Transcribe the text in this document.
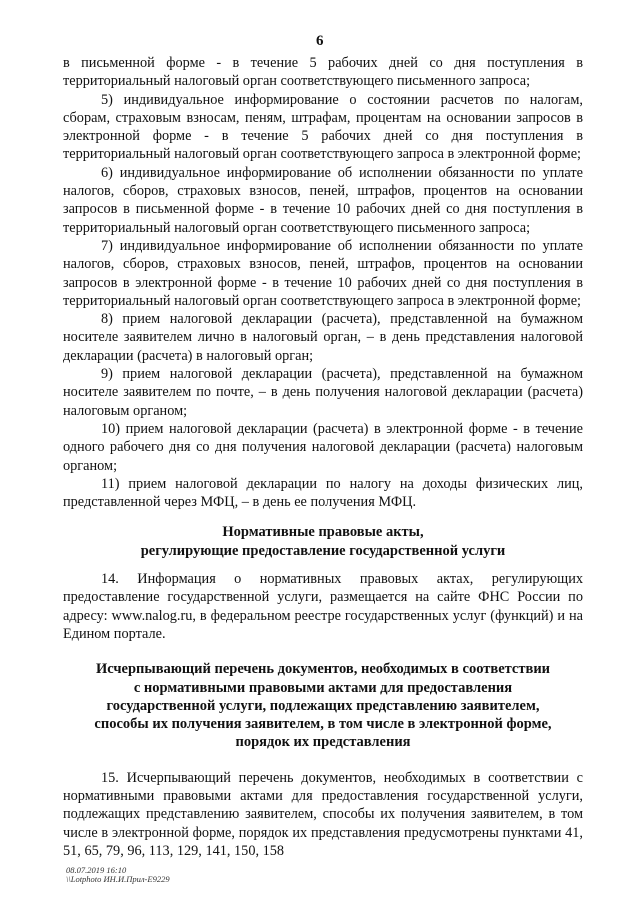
6

в письменной форме - в течение 5 рабочих дней со дня поступления в территориальный налоговый орган соответствующего письменного запроса;

5) индивидуальное информирование о состоянии расчетов по налогам, сборам, страховым взносам, пеням, штрафам, процентам на основании запросов в электронной форме - в течение 5 рабочих дней со дня поступления в территориальный налоговый орган соответствующего запроса в электронной форме;

6) индивидуальное информирование об исполнении обязанности по уплате налогов, сборов, страховых взносов, пеней, штрафов, процентов на основании запросов в письменной форме - в течение 10 рабочих дней со дня поступления в территориальный налоговый орган соответствующего письменного запроса;

7) индивидуальное информирование об исполнении обязанности по уплате налогов, сборов, страховых взносов, пеней, штрафов, процентов на основании запросов в электронной форме - в течение 10 рабочих дней со дня поступления в территориальный налоговый орган соответствующего запроса в электронной форме;

8) прием налоговой декларации (расчета), представленной на бумажном носителе заявителем лично в налоговый орган, – в день представления налоговой декларации (расчета) в налоговый орган;

9) прием налоговой декларации (расчета), представленной на бумажном носителе заявителем по почте, – в день получения налоговой декларации (расчета) налоговым органом;

10) прием налоговой декларации (расчета) в электронной форме - в течение одного рабочего дня со дня получения налоговой декларации (расчета) налоговым органом;

11) прием налоговой декларации по налогу на доходы физических лиц, представленной через МФЦ, – в день ее получения МФЦ.

Нормативные правовые акты,

регулирующие предоставление государственной услуги

14. Информация о нормативных правовых актах, регулирующих предоставление государственной услуги, размещается на сайте ФНС России по адресу: www.nalog.ru, в федеральном реестре государственных услуг (функций) и на Едином портале.

Исчерпывающий перечень документов, необходимых в соответствии

с нормативными правовыми актами для предоставления

государственной услуги, подлежащих представлению заявителем,

способы их получения заявителем, в том числе в электронной форме,

порядок их представления

15. Исчерпывающий перечень документов, необходимых в соответствии с нормативными правовыми актами для предоставления государственной услуги, подлежащих представлению заявителем, способы их получения заявителем, в том числе в электронной форме, порядок их представления предусмотрены пунктами 41, 51, 65, 79, 96, 113, 129, 141, 150, 158

08.07.2019 16:10
\\Lotphoto ИН.И.Прил-Е9229
